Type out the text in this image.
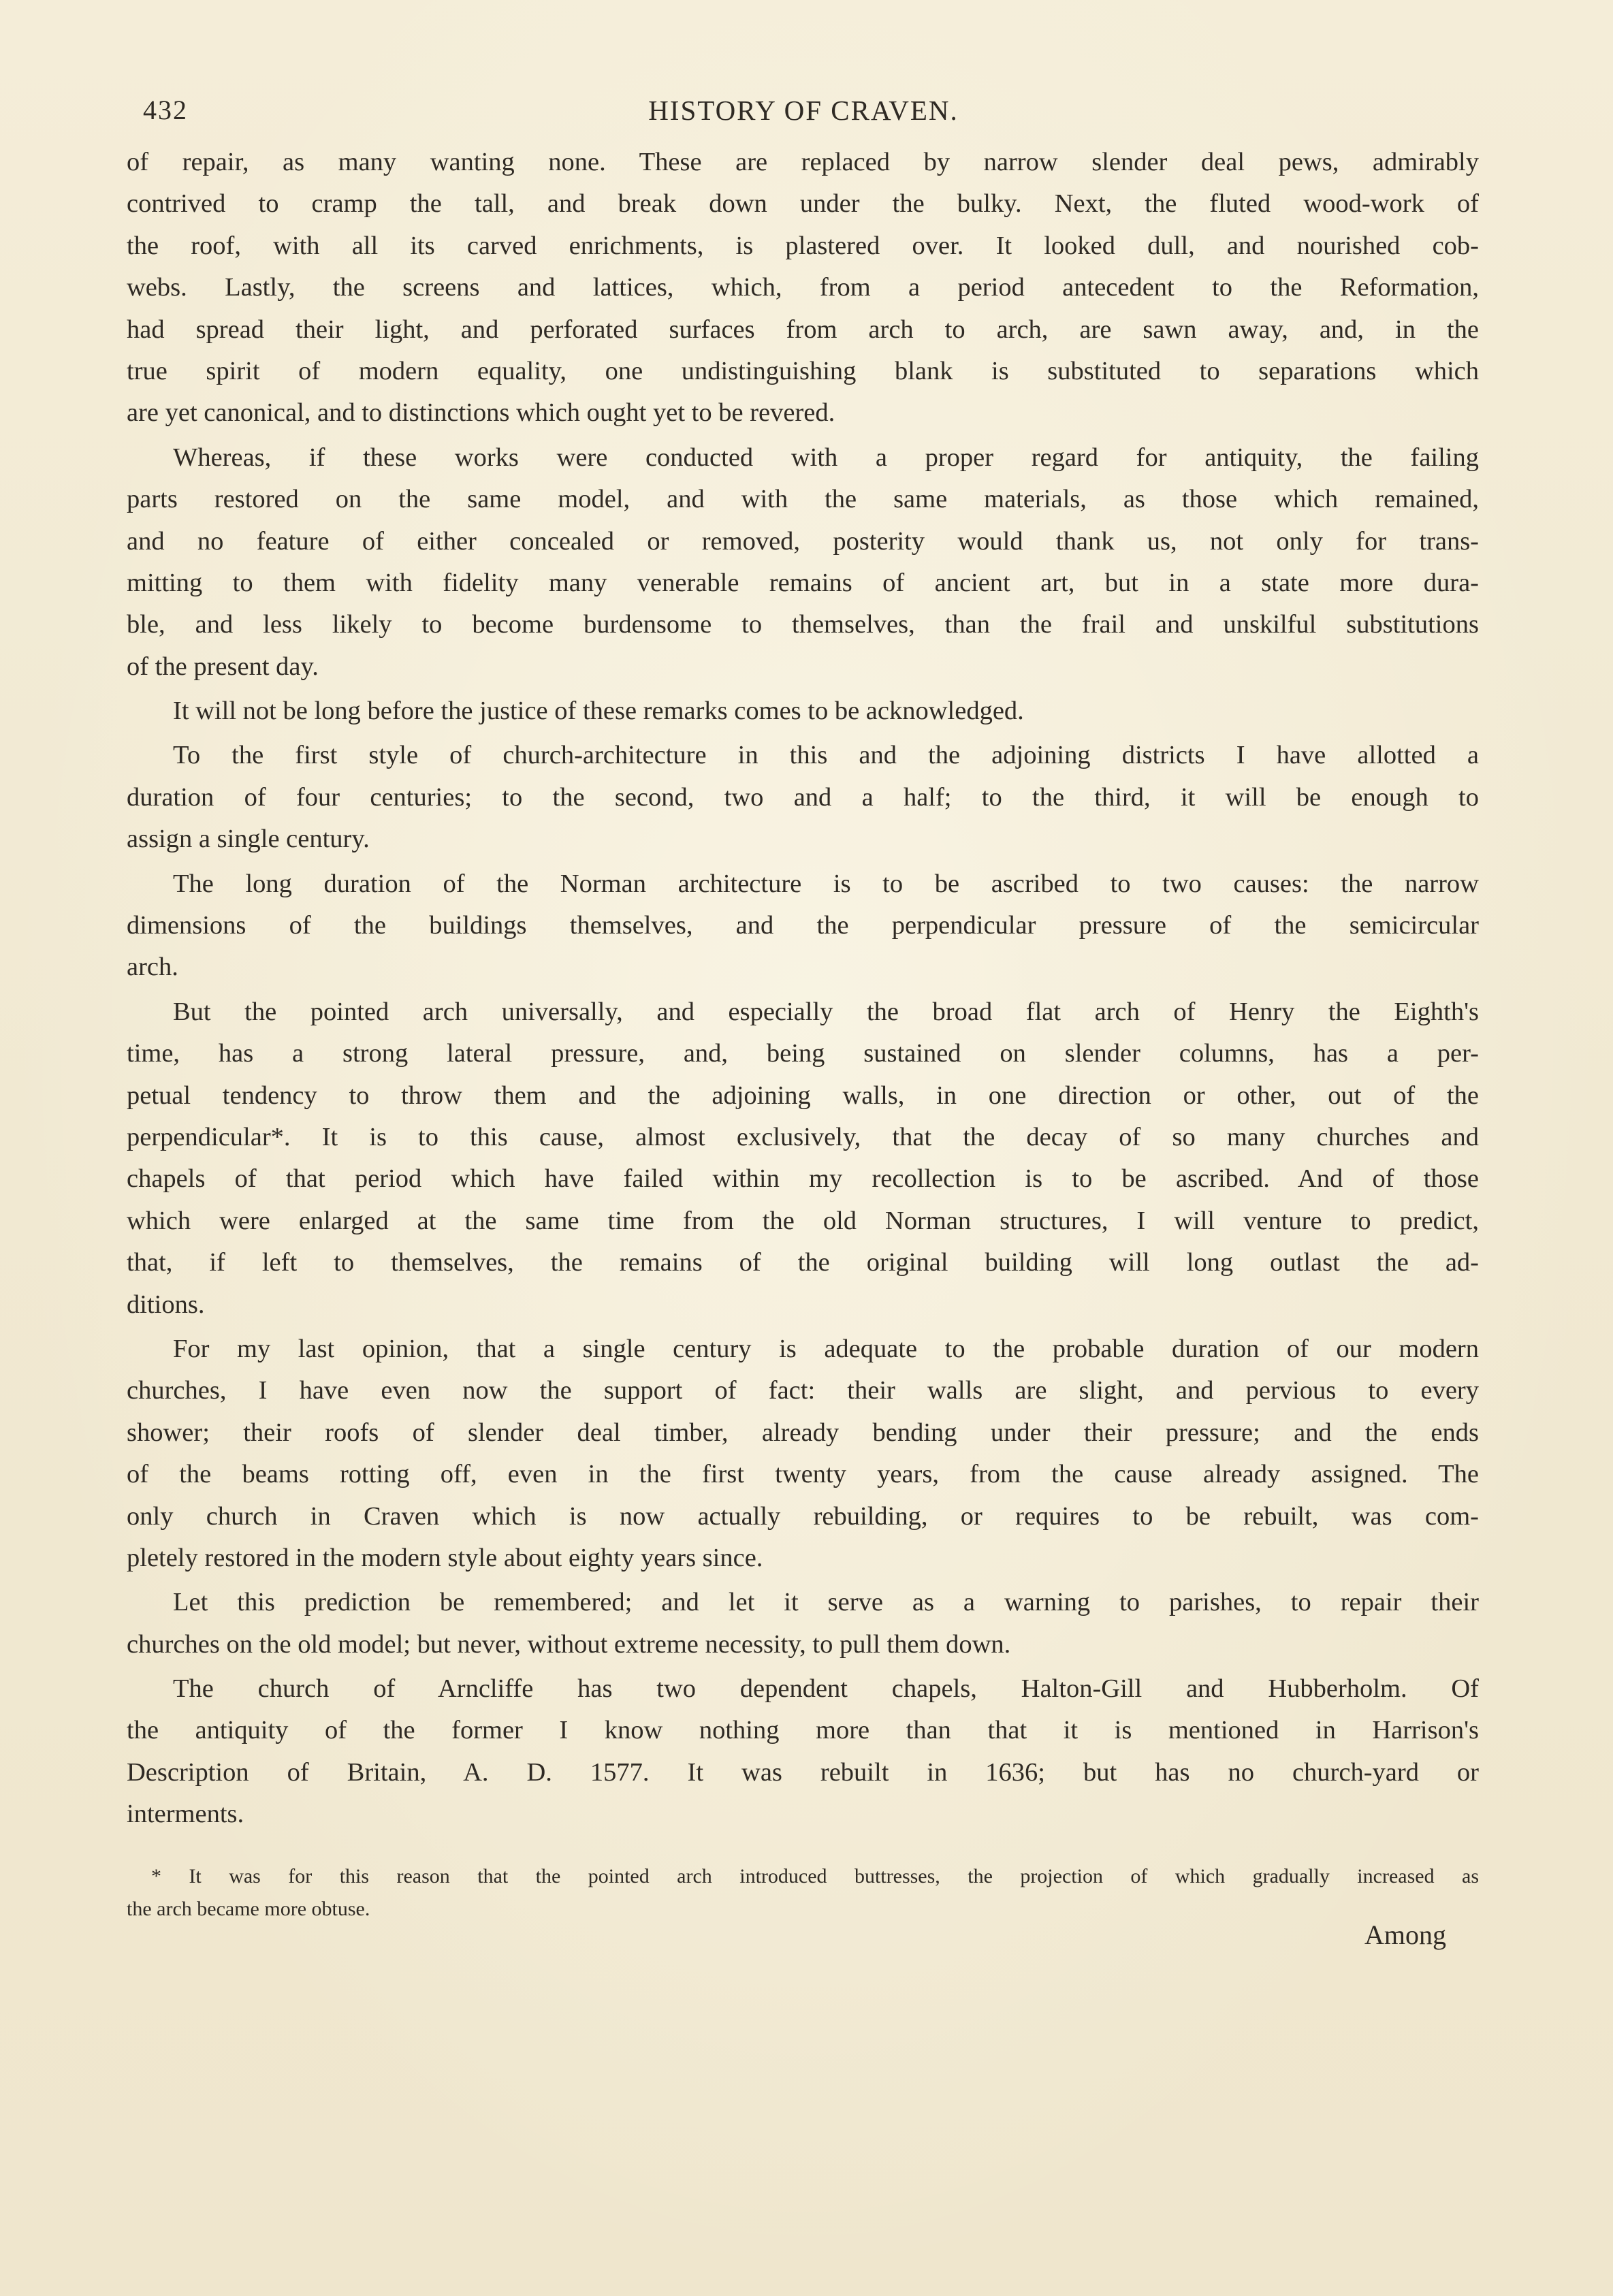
432	HISTORY OF CRAVEN.
of repair, as many wanting none. These are replaced by narrow slender deal pews, admirably
contrived to cramp the tall, and break down under the bulky. Next, the fluted wood-work of
the roof, with all its carved enrichments, is plastered over. It looked dull, and nourished cob-
webs. Lastly, the screens and lattices, which, from a period antecedent to the Reformation,
had spread their light, and perforated surfaces from arch to arch, are sawn away, and, in the
true spirit of modern equality, one undistinguishing blank is substituted to separations which
are yet canonical, and to distinctions which ought yet to be revered.
Whereas, if these works were conducted with a proper regard for antiquity, the failing
parts restored on the same model, and with the same materials, as those which remained,
and no feature of either concealed or removed, posterity would thank us, not only for trans-
mitting to them with fidelity many venerable remains of ancient art, but in a state more dura-
ble, and less likely to become burdensome to themselves, than the frail and unskilful substitutions
of the present day.
It will not be long before the justice of these remarks comes to be acknowledged.
To the first style of church-architecture in this and the adjoining districts I have allotted a
duration of four centuries; to the second, two and a half; to the third, it will be enough to
assign a single century.
The long duration of the Norman architecture is to be ascribed to two causes: the narrow
dimensions of the buildings themselves, and the perpendicular pressure of the semicircular
arch.
But the pointed arch universally, and especially the broad flat arch of Henry the Eighth's
time, has a strong lateral pressure, and, being sustained on slender columns, has a per-
petual tendency to throw them and the adjoining walls, in one direction or other, out of the
perpendicular*. It is to this cause, almost exclusively, that the decay of so many churches and
chapels of that period which have failed within my recollection is to be ascribed. And of those
which were enlarged at the same time from the old Norman structures, I will venture to predict,
that, if left to themselves, the remains of the original building will long outlast the ad-
ditions.
For my last opinion, that a single century is adequate to the probable duration of our modern
churches, I have even now the support of fact: their walls are slight, and pervious to every
shower; their roofs of slender deal timber, already bending under their pressure; and the ends
of the beams rotting off, even in the first twenty years, from the cause already assigned. The
only church in Craven which is now actually rebuilding, or requires to be rebuilt, was com-
pletely restored in the modern style about eighty years since.
Let this prediction be remembered; and let it serve as a warning to parishes, to repair their
churches on the old model; but never, without extreme necessity, to pull them down.
The church of Arncliffe has two dependent chapels, Halton-Gill and Hubberholm. Of
the antiquity of the former I know nothing more than that it is mentioned in Harrison's
Description of Britain, A. D. 1577. It was rebuilt in 1636; but has no church-yard or
interments.
* It was for this reason that the pointed arch introduced buttresses, the projection of which gradually increased as
the arch became more obtuse.
Among
